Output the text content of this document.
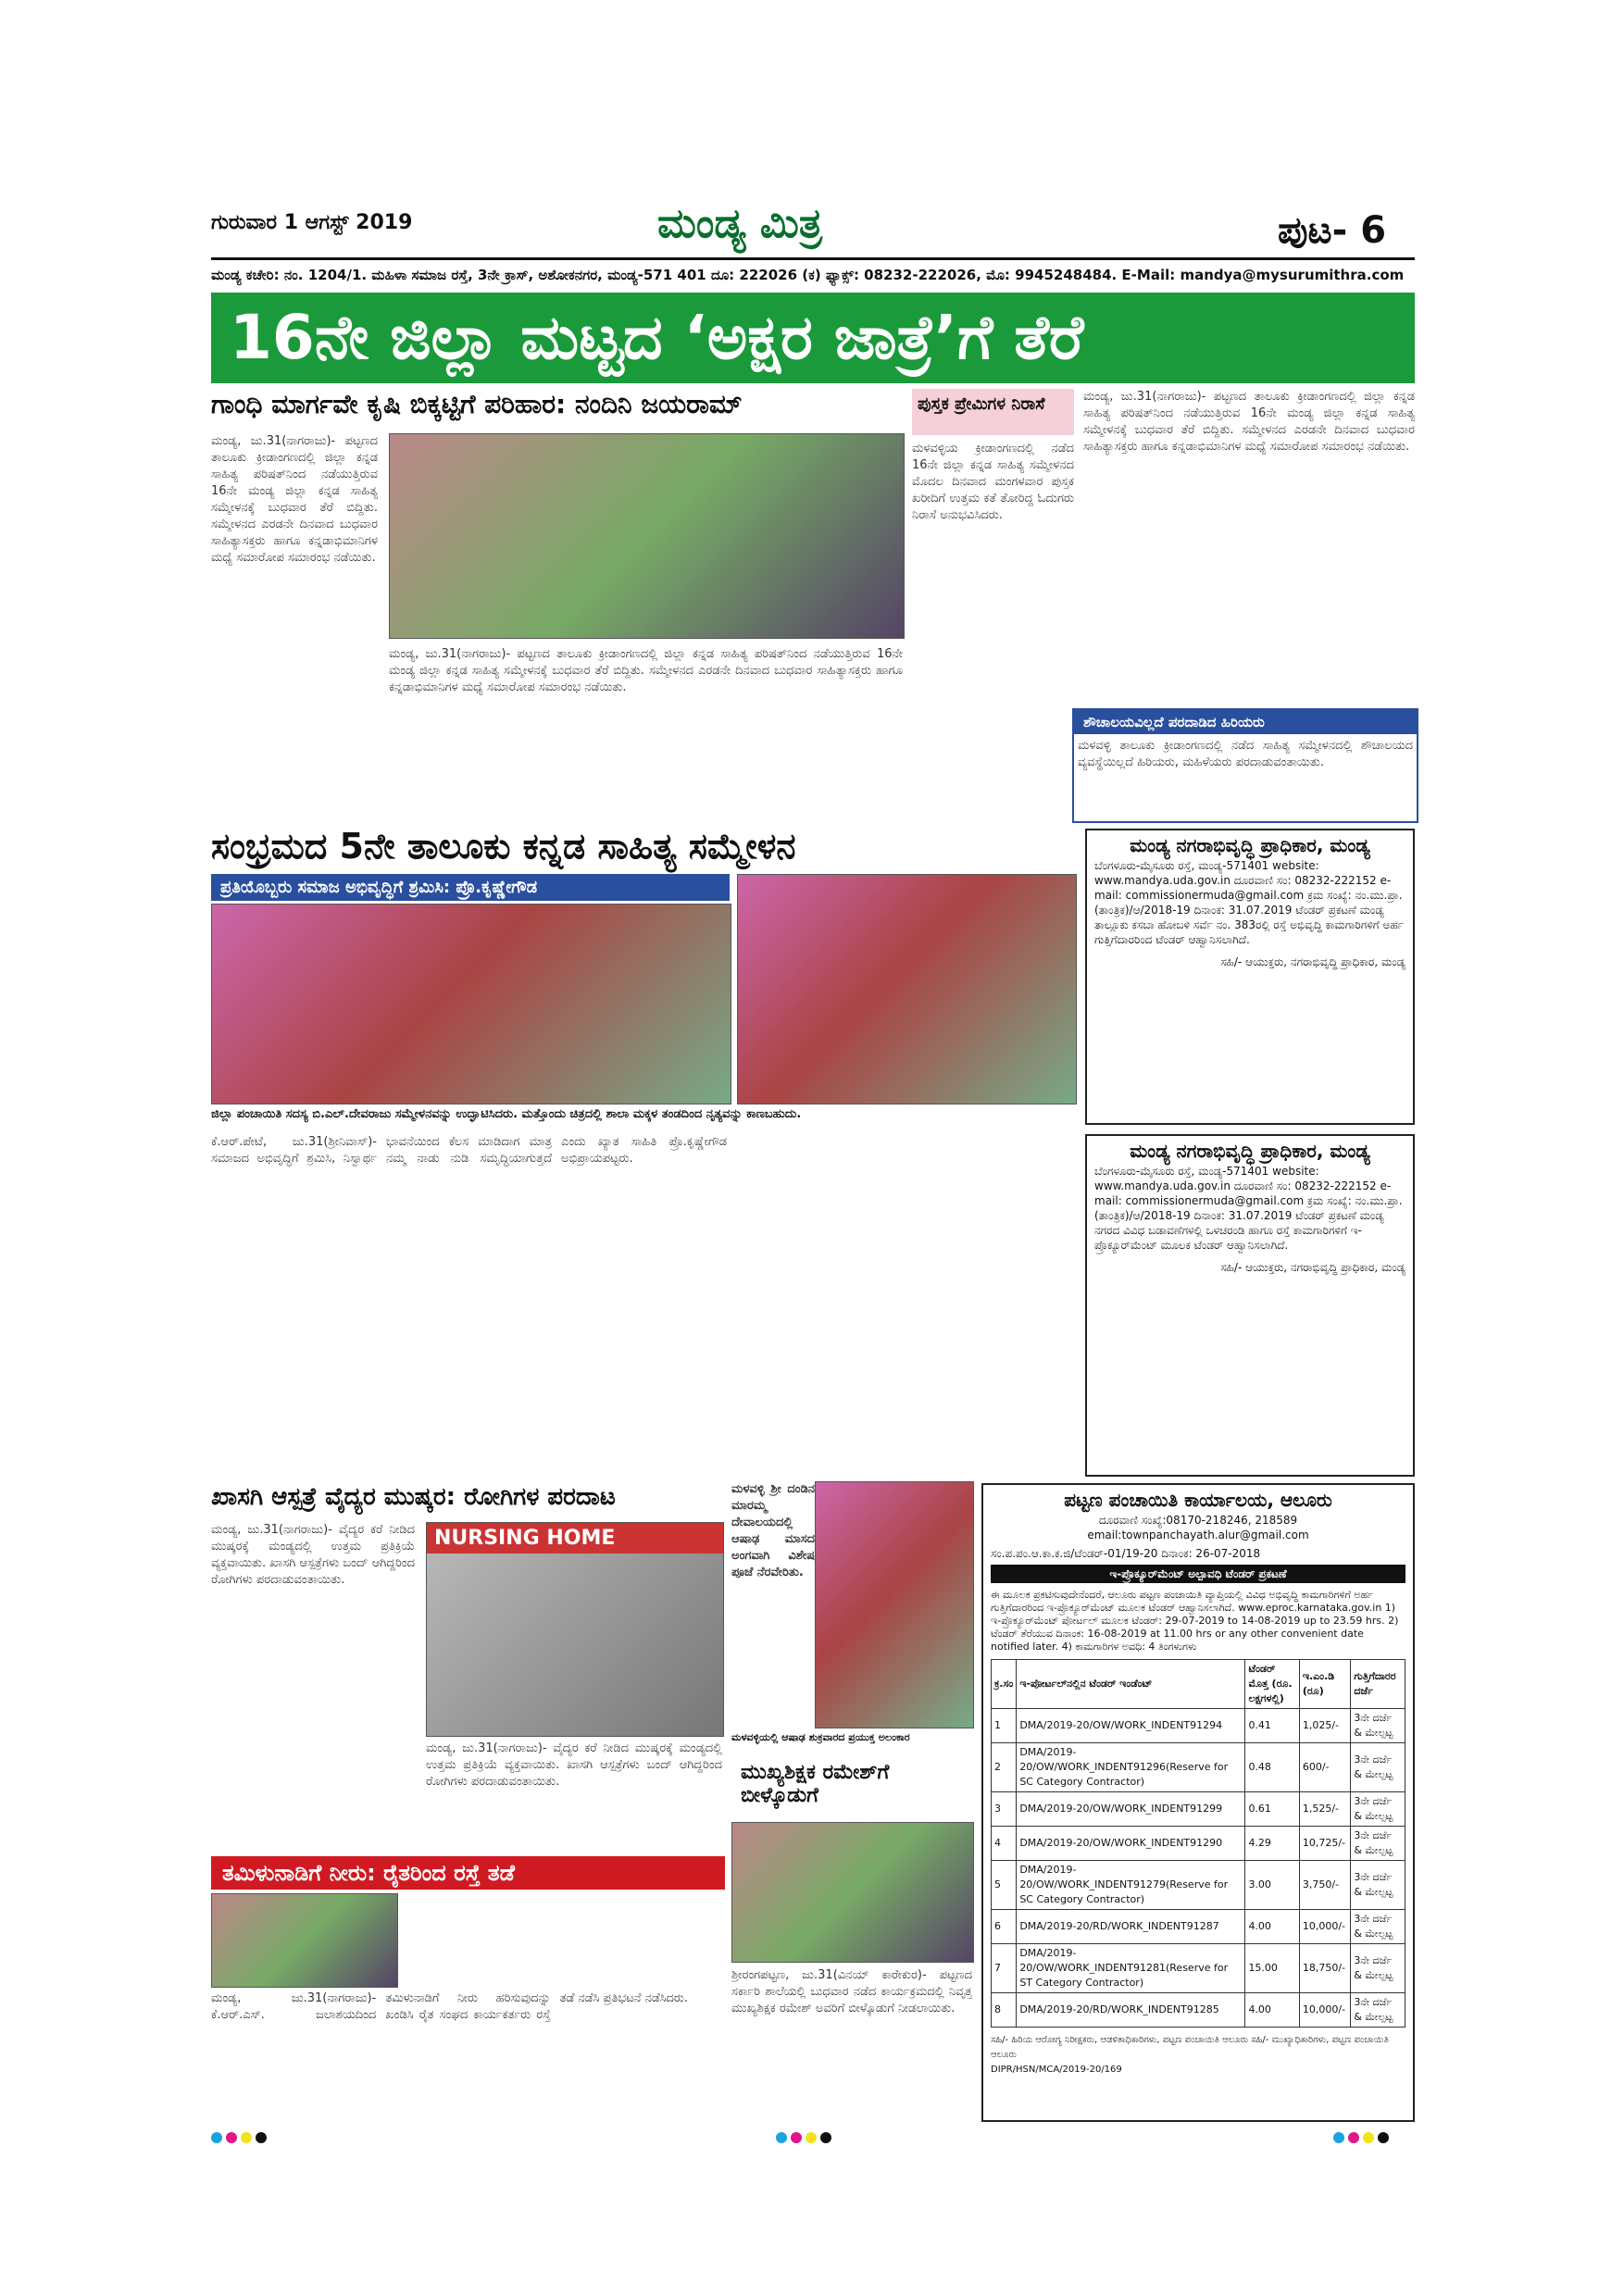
ಗುರುವಾರ 1 ಆಗಸ್ಟ್ 2019	ಮಂಡ್ಯ ಮಿತ್ರ	ಪುಟ- 6
ಮಂಡ್ಯ ಕಚೇರಿ: ನಂ. 1204/1. ಮಹಿಳಾ ಸಮಾಜ ರಸ್ತೆ, 3ನೇ ಕ್ರಾಸ್, ಅಶೋಕನಗರ, ಮಂಡ್ಯ-571 401 ದೂ: 222026 (ಕ) ಫ್ಯಾಕ್ಸ್: 08232-222026, ಮೊ: 9945248484. E-Mail: mandya@mysurumithra.com
16ನೇ ಜಿಲ್ಲಾ ಮಟ್ಟದ ‘ಅಕ್ಷರ ಜಾತ್ರೆ’ಗೆ ತೆರೆ
ಗಾಂಧಿ ಮಾರ್ಗವೇ ಕೃಷಿ ಬಿಕ್ಕಟ್ಟಿಗೆ ಪರಿಹಾರ: ನಂದಿನಿ ಜಯರಾಮ್
ಮಂಡ್ಯ, ಜು.31(ನಾಗರಾಜು)- ಪಟ್ಟಣದ ತಾಲೂಕು ಕ್ರೀಡಾಂಗಣದಲ್ಲಿ ಜಿಲ್ಲಾ ಕನ್ನಡ ಸಾಹಿತ್ಯ ಪರಿಷತ್‌ನಿಂದ ನಡೆಯುತ್ತಿರುವ 16ನೇ ಮಂಡ್ಯ ಜಿಲ್ಲಾ ಕನ್ನಡ ಸಾಹಿತ್ಯ ಸಮ್ಮೇಳನಕ್ಕೆ ಬುಧವಾರ ತೆರೆ ಬಿದ್ದಿತು. ಸಮ್ಮೇಳನದ ಎರಡನೇ ದಿನವಾದ ಬುಧವಾರ ಸಾಹಿತ್ಯಾಸಕ್ತರು ಹಾಗೂ ಕನ್ನಡಾಭಿಮಾನಿಗಳ ಮಧ್ಯೆ ಸಮಾರೋಪ ಸಮಾರಂಭ ನಡೆಯಿತು.
ಮಂಡ್ಯ, ಜು.31(ನಾಗರಾಜು)- ಪಟ್ಟಣದ ತಾಲೂಕು ಕ್ರೀಡಾಂಗಣದಲ್ಲಿ ಜಿಲ್ಲಾ ಕನ್ನಡ ಸಾಹಿತ್ಯ ಪರಿಷತ್‌ನಿಂದ ನಡೆಯುತ್ತಿರುವ 16ನೇ ಮಂಡ್ಯ ಜಿಲ್ಲಾ ಕನ್ನಡ ಸಾಹಿತ್ಯ ಸಮ್ಮೇಳನಕ್ಕೆ ಬುಧವಾರ ತೆರೆ ಬಿದ್ದಿತು. ಸಮ್ಮೇಳನದ ಎರಡನೇ ದಿನವಾದ ಬುಧವಾರ ಸಾಹಿತ್ಯಾಸಕ್ತರು ಹಾಗೂ ಕನ್ನಡಾಭಿಮಾನಿಗಳ ಮಧ್ಯೆ ಸಮಾರೋಪ ಸಮಾರಂಭ ನಡೆಯಿತು.
ಪುಸ್ತಕ ಪ್ರೇಮಿಗಳ ನಿರಾಸೆ
ಮಳವಳ್ಳಿಯ ಕ್ರೀಡಾಂಗಣದಲ್ಲಿ ನಡೆದ 16ನೇ ಜಿಲ್ಲಾ ಕನ್ನಡ ಸಾಹಿತ್ಯ ಸಮ್ಮೇಳನದ ಮೊದಲ ದಿನವಾದ ಮಂಗಳವಾರ ಪುಸ್ತಕ ಖರೀದಿಗೆ ಉತ್ತಮ ಕತೆ ತೋರಿದ್ದ ಓದುಗರು ನಿರಾಸೆ ಅನುಭವಿಸಿದರು.
ಮಂಡ್ಯ, ಜು.31(ನಾಗರಾಜು)- ಪಟ್ಟಣದ ತಾಲೂಕು ಕ್ರೀಡಾಂಗಣದಲ್ಲಿ ಜಿಲ್ಲಾ ಕನ್ನಡ ಸಾಹಿತ್ಯ ಪರಿಷತ್‌ನಿಂದ ನಡೆಯುತ್ತಿರುವ 16ನೇ ಮಂಡ್ಯ ಜಿಲ್ಲಾ ಕನ್ನಡ ಸಾಹಿತ್ಯ ಸಮ್ಮೇಳನಕ್ಕೆ ಬುಧವಾರ ತೆರೆ ಬಿದ್ದಿತು. ಸಮ್ಮೇಳನದ ಎರಡನೇ ದಿನವಾದ ಬುಧವಾರ ಸಾಹಿತ್ಯಾಸಕ್ತರು ಹಾಗೂ ಕನ್ನಡಾಭಿಮಾನಿಗಳ ಮಧ್ಯೆ ಸಮಾರೋಪ ಸಮಾರಂಭ ನಡೆಯಿತು.
ಶೌಚಾಲಯವಿಲ್ಲದೆ ಪರದಾಡಿದ ಹಿರಿಯರು
ಮಳವಳ್ಳಿ ತಾಲೂಕು ಕ್ರೀಡಾಂಗಣದಲ್ಲಿ ನಡೆದ ಸಾಹಿತ್ಯ ಸಮ್ಮೇಳನದಲ್ಲಿ ಶೌಚಾಲಯದ ವ್ಯವಸ್ಥೆಯಿಲ್ಲದೆ ಹಿರಿಯರು, ಮಹಿಳೆಯರು ಪರದಾಡುವಂತಾಯಿತು.
ಸಂಭ್ರಮದ 5ನೇ ತಾಲೂಕು ಕನ್ನಡ ಸಾಹಿತ್ಯ ಸಮ್ಮೇಳನ
ಪ್ರತಿಯೊಬ್ಬರು ಸಮಾಜ ಅಭಿವೃದ್ಧಿಗೆ ಶ್ರಮಿಸಿ: ಪ್ರೊ.ಕೃಷ್ಣೇಗೌಡ
ಜಿಲ್ಲಾ ಪಂಚಾಯಿತಿ ಸದಸ್ಯ ಬಿ.ಎಲ್.ದೇವರಾಜು ಸಮ್ಮೇಳನವನ್ನು ಉದ್ಘಾಟಿಸಿದರು. ಮತ್ತೊಂದು ಚಿತ್ರದಲ್ಲಿ ಶಾಲಾ ಮಕ್ಕಳ ತಂಡದಿಂದ ನೃತ್ಯವನ್ನು ಕಾಣಬಹುದು.
ಕೆ.ಆರ್.ಪೇಟೆ, ಜು.31(ಶ್ರೀನಿವಾಸ್)- ಸಮಾಜದ ಅಭಿವೃದ್ಧಿಗೆ ಶ್ರಮಿಸಿ, ನಿಸ್ವಾರ್ಥ ಭಾವನೆಯಿಂದ ಕೆಲಸ ಮಾಡಿದಾಗ ಮಾತ್ರ ನಮ್ಮ ನಾಡು ನುಡಿ ಸಮೃದ್ಧಿಯಾಗುತ್ತದೆ ಎಂದು ಖ್ಯಾತ ಸಾಹಿತಿ ಪ್ರೊ.ಕೃಷ್ಣೇಗೌಡ ಅಭಿಪ್ರಾಯಪಟ್ಟರು.
ಮಂಡ್ಯ ನಗರಾಭಿವೃದ್ಧಿ ಪ್ರಾಧಿಕಾರ, ಮಂಡ್ಯ
ಬೆಂಗಳೂರು-ಮೈಸೂರು ರಸ್ತೆ, ಮಂಡ್ಯ-571401 website: www.mandya.uda.gov.in ದೂರವಾಣಿ ಸಂ: 08232-222152 e-mail: commissionermuda@gmail.com ಕ್ರಮ ಸಂಖ್ಯೆ: ನಂ.ಮು.ಪ್ರಾ.(ತಾಂತ್ರಿಕ)/ಆ/2018-19 ದಿನಾಂಕ: 31.07.2019 ಟೆಂಡರ್ ಪ್ರಕಟಣೆ ಮಂಡ್ಯ ತಾಲ್ಲೂಕು ಕಸಬಾ ಹೋಬಳಿ ಸರ್ವೆ ನಂ. 383ರಲ್ಲಿ ರಸ್ತೆ ಅಭಿವೃದ್ಧಿ ಕಾಮಗಾರಿಗಳಿಗೆ ಅರ್ಹ ಗುತ್ತಿಗೆದಾರರಿಂದ ಟೆಂಡರ್ ಆಹ್ವಾನಿಸಲಾಗಿದೆ.
ಸಹಿ/- ಆಯುಕ್ತರು, ನಗರಾಭಿವೃದ್ಧಿ ಪ್ರಾಧಿಕಾರ, ಮಂಡ್ಯ
ಮಂಡ್ಯ ನಗರಾಭಿವೃದ್ಧಿ ಪ್ರಾಧಿಕಾರ, ಮಂಡ್ಯ
ಬೆಂಗಳೂರು-ಮೈಸೂರು ರಸ್ತೆ, ಮಂಡ್ಯ-571401 website: www.mandya.uda.gov.in ದೂರವಾಣಿ ಸಂ: 08232-222152 e-mail: commissionermuda@gmail.com ಕ್ರಮ ಸಂಖ್ಯೆ: ನಂ.ಮು.ಪ್ರಾ.(ತಾಂತ್ರಿಕ)/ಆ/2018-19 ದಿನಾಂಕ: 31.07.2019 ಟೆಂಡರ್ ಪ್ರಕಟಣೆ ಮಂಡ್ಯ ನಗರದ ವಿವಿಧ ಬಡಾವಣೆಗಳಲ್ಲಿ ಒಳಚರಂಡಿ ಹಾಗೂ ರಸ್ತೆ ಕಾಮಗಾರಿಗಳಿಗೆ ಇ-ಪ್ರೊಕ್ಯೂರ್‌ಮೆಂಟ್ ಮೂಲಕ ಟೆಂಡರ್ ಆಹ್ವಾನಿಸಲಾಗಿದೆ.
ಸಹಿ/- ಆಯುಕ್ತರು, ನಗರಾಭಿವೃದ್ಧಿ ಪ್ರಾಧಿಕಾರ, ಮಂಡ್ಯ
ಖಾಸಗಿ ಆಸ್ಪತ್ರೆ ವೈದ್ಯರ ಮುಷ್ಕರ: ರೋಗಿಗಳ ಪರದಾಟ
ಮಂಡ್ಯ, ಜು.31(ನಾಗರಾಜು)- ವೈದ್ಯರ ಕರೆ ನೀಡಿದ ಮುಷ್ಕರಕ್ಕೆ ಮಂಡ್ಯದಲ್ಲಿ ಉತ್ತಮ ಪ್ರತಿಕ್ರಿಯೆ ವ್ಯಕ್ತವಾಯಿತು. ಖಾಸಗಿ ಆಸ್ಪತ್ರೆಗಳು ಬಂದ್ ಆಗಿದ್ದರಿಂದ ರೋಗಿಗಳು ಪರದಾಡುವಂತಾಯಿತು.
NURSING HOME
ಮಂಡ್ಯ, ಜು.31(ನಾಗರಾಜು)- ವೈದ್ಯರ ಕರೆ ನೀಡಿದ ಮುಷ್ಕರಕ್ಕೆ ಮಂಡ್ಯದಲ್ಲಿ ಉತ್ತಮ ಪ್ರತಿಕ್ರಿಯೆ ವ್ಯಕ್ತವಾಯಿತು. ಖಾಸಗಿ ಆಸ್ಪತ್ರೆಗಳು ಬಂದ್ ಆಗಿದ್ದರಿಂದ ರೋಗಿಗಳು ಪರದಾಡುವಂತಾಯಿತು.
ಮಳವಳ್ಳಿ ಶ್ರೀ ದಂಡಿನ ಮಾರಮ್ಮ ದೇವಾಲಯದಲ್ಲಿ ಆಷಾಢ ಮಾಸದ ಅಂಗವಾಗಿ ವಿಶೇಷ ಪೂಜೆ ನೆರವೇರಿತು.
ಮಳವಳ್ಳಿಯಲ್ಲಿ ಆಷಾಢ ಶುಕ್ರವಾರದ ಪ್ರಯುಕ್ತ ಅಲಂಕಾರ
ಮುಖ್ಯಶಿಕ್ಷಕ ರಮೇಶ್‌ಗೆ ಬೀಳ್ಕೊಡುಗೆ
ಶ್ರೀರಂಗಪಟ್ಟಣ, ಜು.31(ವಿನಯ್ ಕಾರೇಕುರ)- ಪಟ್ಟಣದ ಸರ್ಕಾರಿ ಶಾಲೆಯಲ್ಲಿ ಬುಧವಾರ ನಡೆದ ಕಾರ್ಯಕ್ರಮದಲ್ಲಿ ನಿವೃತ್ತ ಮುಖ್ಯಶಿಕ್ಷಕ ರಮೇಶ್ ಅವರಿಗೆ ಬೀಳ್ಕೊಡುಗೆ ನೀಡಲಾಯಿತು.
ತಮಿಳುನಾಡಿಗೆ ನೀರು: ರೈತರಿಂದ ರಸ್ತೆ ತಡೆ
ಮಂಡ್ಯ, ಜು.31(ನಾಗರಾಜು)- ಕೆ.ಆರ್.ಎಸ್. ಜಲಾಶಯದಿಂದ ತಮಿಳುನಾಡಿಗೆ ನೀರು ಹರಿಸುವುದನ್ನು ಖಂಡಿಸಿ ರೈತ ಸಂಘದ ಕಾರ್ಯಕರ್ತರು ರಸ್ತೆ ತಡೆ ನಡೆಸಿ ಪ್ರತಿಭಟನೆ ನಡೆಸಿದರು.
ಪಟ್ಟಣ ಪಂಚಾಯಿತಿ ಕಾರ್ಯಾಲಯ, ಆಲೂರು
ದೂರವಾಣಿ ಸಂಖ್ಯೆ:08170-218246, 218589 email:townpanchayath.alur@gmail.com
ಸಂ.ಪ.ಪಂ.ಆ.ಕಾ.ಕ.ಜಿ/ಟೆಂಡರ್-01/19-20 ದಿನಾಂಕ: 26-07-2018
ಇ-ಪ್ರೊಕ್ಯೂರ್‌ಮೆಂಟ್ ಅಲ್ಪಾವಧಿ ಟೆಂಡರ್ ಪ್ರಕಟಣೆ
ಈ ಮೂಲಕ ಪ್ರಕಟಿಸುವುದೇನೆಂದರೆ, ಆಲೂರು ಪಟ್ಟಣ ಪಂಚಾಯಿತಿ ವ್ಯಾಪ್ತಿಯಲ್ಲಿ ವಿವಿಧ ಅಭಿವೃದ್ಧಿ ಕಾಮಗಾರಿಗಳಿಗೆ ಅರ್ಹ ಗುತ್ತಿಗೆದಾರರಿಂದ ಇ-ಪ್ರೊಕ್ಯೂರ್‌ಮೆಂಟ್ ಮೂಲಕ ಟೆಂಡರ್ ಆಹ್ವಾನಿಸಲಾಗಿದೆ. www.eproc.karnataka.gov.in 1) ಇ-ಪ್ರೊಕ್ಯೂರ್‌ಮೆಂಟ್ ಪೋರ್ಟಲ್ ಮೂಲಕ ಟೆಂಡರ್: 29-07-2019 to 14-08-2019 up to 23.59 hrs. 2) ಟೆಂಡರ್ ತೆರೆಯುವ ದಿನಾಂಕ: 16-08-2019 at 11.00 hrs or any other convenient date notified later. 4) ಕಾಮಗಾರಿಗಳ ಅವಧಿ: 4 ತಿಂಗಳುಗಳು
ಕ್ರ.ಸಂ	ಇ-ಪೋರ್ಟಲ್‌ನಲ್ಲಿನ ಟೆಂಡರ್ ಇಂಡೆಂಟ್	ಟೆಂಡರ್ ಮೊತ್ತ (ರೂ. ಲಕ್ಷಗಳಲ್ಲಿ)	ಇ.ಎಂ.ಡಿ (ರೂ)	ಗುತ್ತಿಗೆದಾರರ ದರ್ಜೆ
1	DMA/2019-20/OW/WORK_INDENT91294	0.41	1,025/-	3ನೇ ದರ್ಜೆ & ಮೇಲ್ಪಟ್ಟ
2	DMA/2019-20/OW/WORK_INDENT91296(Reserve for SC Category Contractor)	0.48	600/-	3ನೇ ದರ್ಜೆ & ಮೇಲ್ಪಟ್ಟ
3	DMA/2019-20/OW/WORK_INDENT91299	0.61	1,525/-	3ನೇ ದರ್ಜೆ & ಮೇಲ್ಪಟ್ಟ
4	DMA/2019-20/OW/WORK_INDENT91290	4.29	10,725/-	3ನೇ ದರ್ಜೆ & ಮೇಲ್ಪಟ್ಟ
5	DMA/2019-20/OW/WORK_INDENT91279(Reserve for SC Category Contractor)	3.00	3,750/-	3ನೇ ದರ್ಜೆ & ಮೇಲ್ಪಟ್ಟ
6	DMA/2019-20/RD/WORK_INDENT91287	4.00	10,000/-	3ನೇ ದರ್ಜೆ & ಮೇಲ್ಪಟ್ಟ
7	DMA/2019-20/OW/WORK_INDENT91281(Reserve for ST Category Contractor)	15.00	18,750/-	3ನೇ ದರ್ಜೆ & ಮೇಲ್ಪಟ್ಟ
8	DMA/2019-20/RD/WORK_INDENT91285	4.00	10,000/-	3ನೇ ದರ್ಜೆ & ಮೇಲ್ಪಟ್ಟ
ಸಹಿ/- ಹಿರಿಯ ಆರೋಗ್ಯ ನಿರೀಕ್ಷಕರು, ಆಡಳಿತಾಧಿಕಾರಿಗಳು, ಪಟ್ಟಣ ಪಂಚಾಯಿತಿ ಆಲೂರು ಸಹಿ/- ಮುಖ್ಯಾಧಿಕಾರಿಗಳು, ಪಟ್ಟಣ ಪಂಚಾಯಿತಿ ಆಲೂರು
DIPR/HSN/MCA/2019-20/169
